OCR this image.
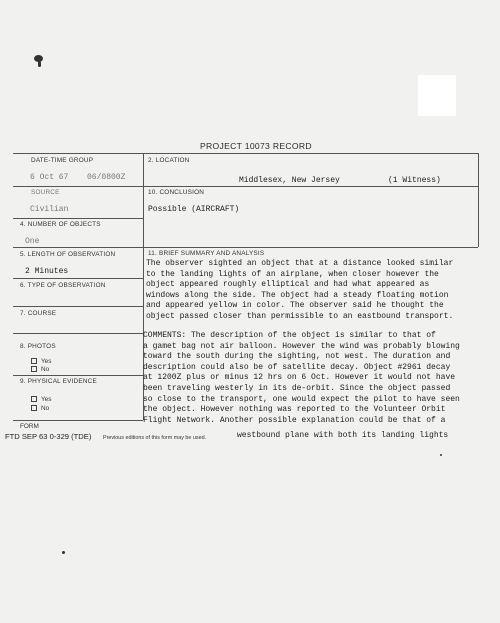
PROJECT 10073 RECORD
DATE-TIME GROUP
6 Oct 67 06/0800Z
2. LOCATION
Middlesex, New Jersey	(1 Witness)
SOURCE
Civilian
10. CONCLUSION
Possible (AIRCRAFT)
4. NUMBER OF OBJECTS
One
5. LENGTH OF OBSERVATION
2 Minutes
11. BRIEF SUMMARY AND ANALYSIS
The observer sighted an object that at a distance looked similar
to the landing lights of an airplane, when closer however the
object appeared roughly elliptical and had what appeared as
windows along the side. The object had a steady floating motion
and appeared yellow in color. The observer said he thought the
object passed closer than permissible to an eastbound transport.
6. TYPE OF OBSERVATION
7. COURSE
8. PHOTOS
Yes
No
9. PHYSICAL EVIDENCE
Yes
No
COMMENTS: The description of the object is similar to that of
a gamet bag not air balloon. However the wind was probably blowing
toward the south during the sighting, not west. The duration and
description could also be of satellite decay. Object #2961 decay
at 1200Z plus or minus 12 hrs on 6 Oct. However it would not have
been traveling westerly in its de-orbit. Since the object passed
so close to the transport, one would expect the pilot to have seen
the object. However nothing was reported to the Volunteer Orbit
Flight Network. Another possible explanation could be that of a
FORM
FTD SEP 63 0-329 (TDE) Previous editions of this form may be used.	westbound plane with both its landing lights
